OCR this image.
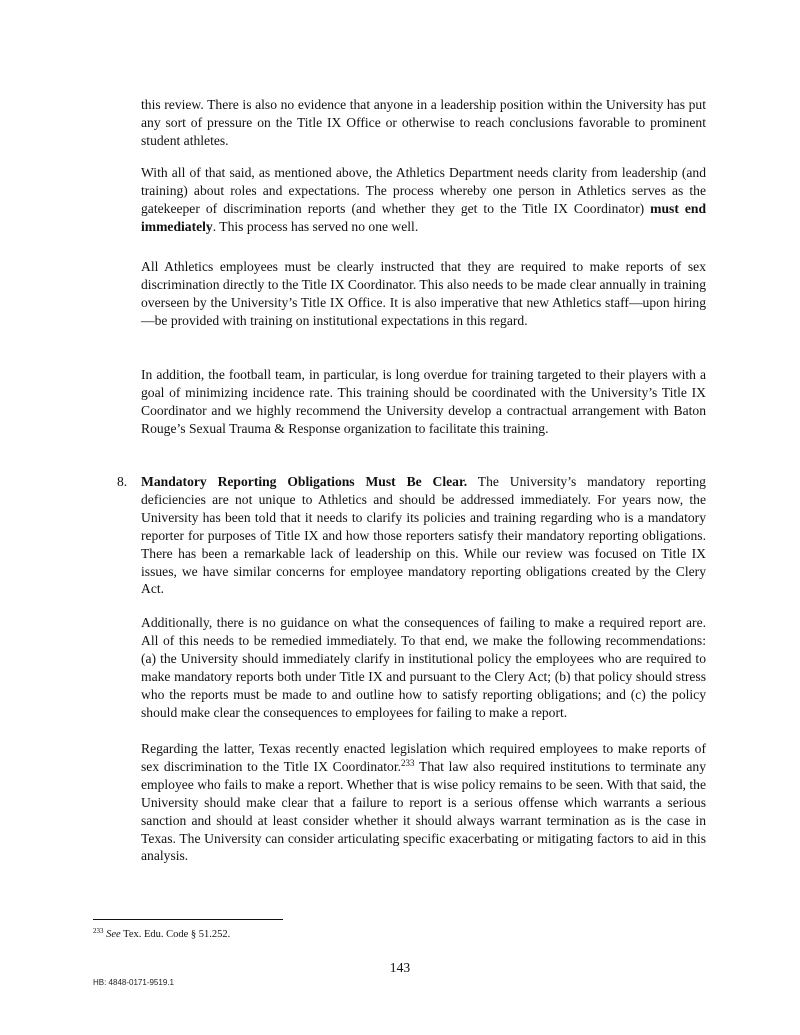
this review. There is also no evidence that anyone in a leadership position within the University has put any sort of pressure on the Title IX Office or otherwise to reach conclusions favorable to prominent student athletes.

With all of that said, as mentioned above, the Athletics Department needs clarity from leadership (and training) about roles and expectations. The process whereby one person in Athletics serves as the gatekeeper of discrimination reports (and whether they get to the Title IX Coordinator) must end immediately. This process has served no one well.

All Athletics employees must be clearly instructed that they are required to make reports of sex discrimination directly to the Title IX Coordinator. This also needs to be made clear annually in training overseen by the University’s Title IX Office. It is also imperative that new Athletics staff—upon hiring—be provided with training on institutional expectations in this regard.

In addition, the football team, in particular, is long overdue for training targeted to their players with a goal of minimizing incidence rate. This training should be coordinated with the University’s Title IX Coordinator and we highly recommend the University develop a contractual arrangement with Baton Rouge’s Sexual Trauma & Response organization to facilitate this training.

8. Mandatory Reporting Obligations Must Be Clear. The University’s mandatory reporting deficiencies are not unique to Athletics and should be addressed immediately. For years now, the University has been told that it needs to clarify its policies and training regarding who is a mandatory reporter for purposes of Title IX and how those reporters satisfy their mandatory reporting obligations. There has been a remarkable lack of leadership on this. While our review was focused on Title IX issues, we have similar concerns for employee mandatory reporting obligations created by the Clery Act.

Additionally, there is no guidance on what the consequences of failing to make a required report are. All of this needs to be remedied immediately. To that end, we make the following recommendations: (a) the University should immediately clarify in institutional policy the employees who are required to make mandatory reports both under Title IX and pursuant to the Clery Act; (b) that policy should stress who the reports must be made to and outline how to satisfy reporting obligations; and (c) the policy should make clear the consequences to employees for failing to make a report.

Regarding the latter, Texas recently enacted legislation which required employees to make reports of sex discrimination to the Title IX Coordinator.$^{233}$ That law also required institutions to terminate any employee who fails to make a report. Whether that is wise policy remains to be seen. With that said, the University should make clear that a failure to report is a serious offense which warrants a serious sanction and should at least consider whether it should always warrant termination as is the case in Texas. The University can consider articulating specific exacerbating or mitigating factors to aid in this analysis.

$^{233}$ See Tex. Edu. Code § 51.252.
143
HB: 4848-0171-9519.1
